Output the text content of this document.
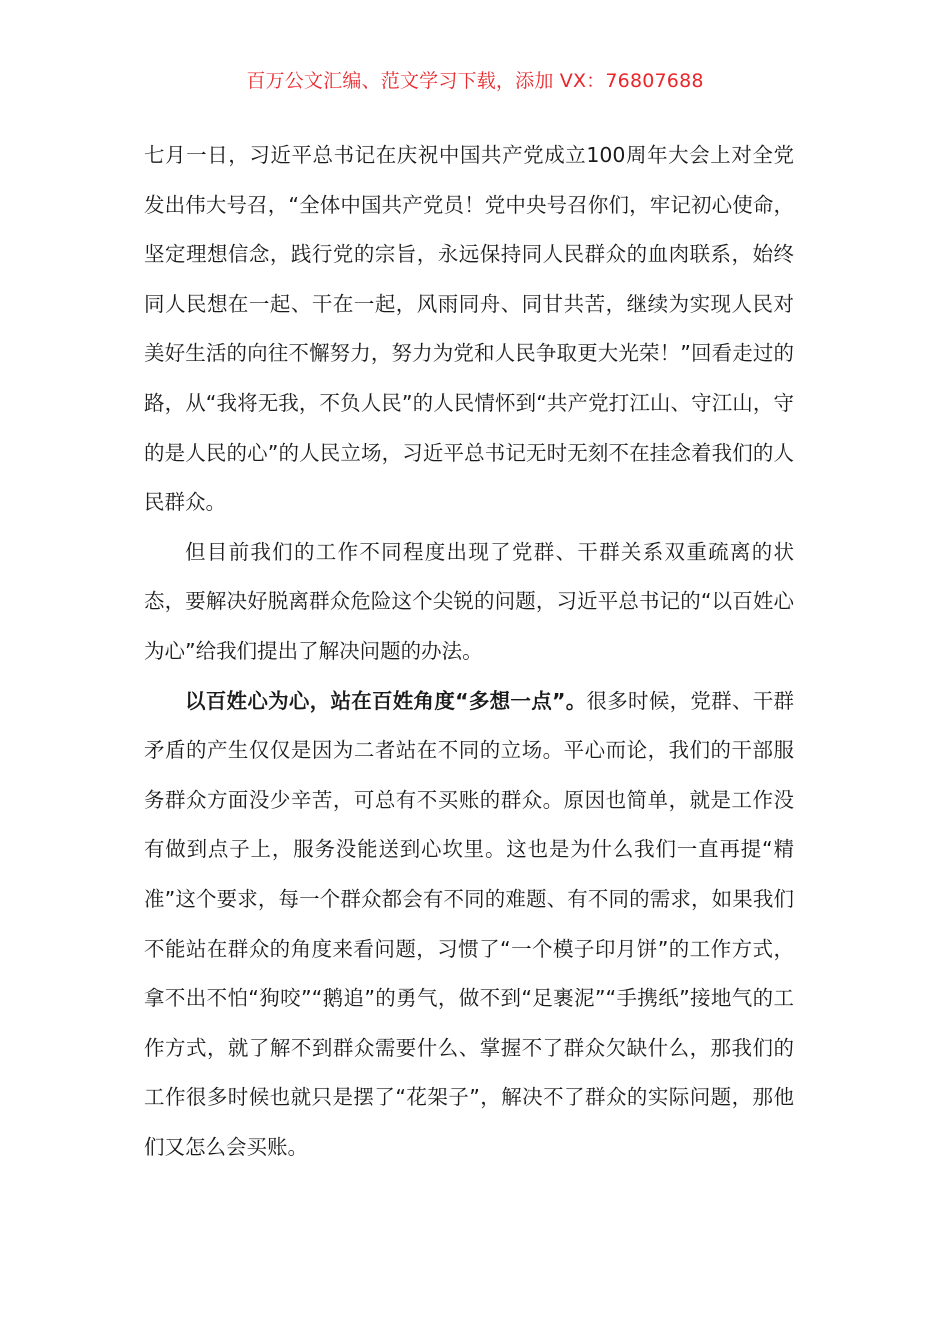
百万公文汇编、范文学习下载，添加 VX：76807688

七月一日，习近平总书记在庆祝中国共产党成立100周年大会上对全党发出伟大号召，“全体中国共产党员！党中央号召你们，牢记初心使命，坚定理想信念，践行党的宗旨，永远保持同人民群众的血肉联系，始终同人民想在一起、干在一起，风雨同舟、同甘共苦，继续为实现人民对美好生活的向往不懈努力，努力为党和人民争取更大光荣！”回看走过的路，从“我将无我，不负人民”的人民情怀到“共产党打江山、守江山，守的是人民的心”的人民立场，习近平总书记无时无刻不在挂念着我们的人民群众。

但目前我们的工作不同程度出现了党群、干群关系双重疏离的状态，要解决好脱离群众危险这个尖锐的问题，习近平总书记的“以百姓心为心”给我们提出了解决问题的办法。

以百姓心为心，站在百姓角度“多想一点”。很多时候，党群、干群矛盾的产生仅仅是因为二者站在不同的立场。平心而论，我们的干部服务群众方面没少辛苦，可总有不买账的群众。原因也简单，就是工作没有做到点子上，服务没能送到心坎里。这也是为什么我们一直再提“精准”这个要求，每一个群众都会有不同的难题、有不同的需求，如果我们不能站在群众的角度来看问题，习惯了“一个模子印月饼”的工作方式，拿不出不怕“狗咬”“鹅追”的勇气，做不到“足裹泥”“手携纸”接地气的工作方式，就了解不到群众需要什么、掌握不了群众欠缺什么，那我们的工作很多时候也就只是摆了“花架子”，解决不了群众的实际问题，那他们又怎么会买账。
